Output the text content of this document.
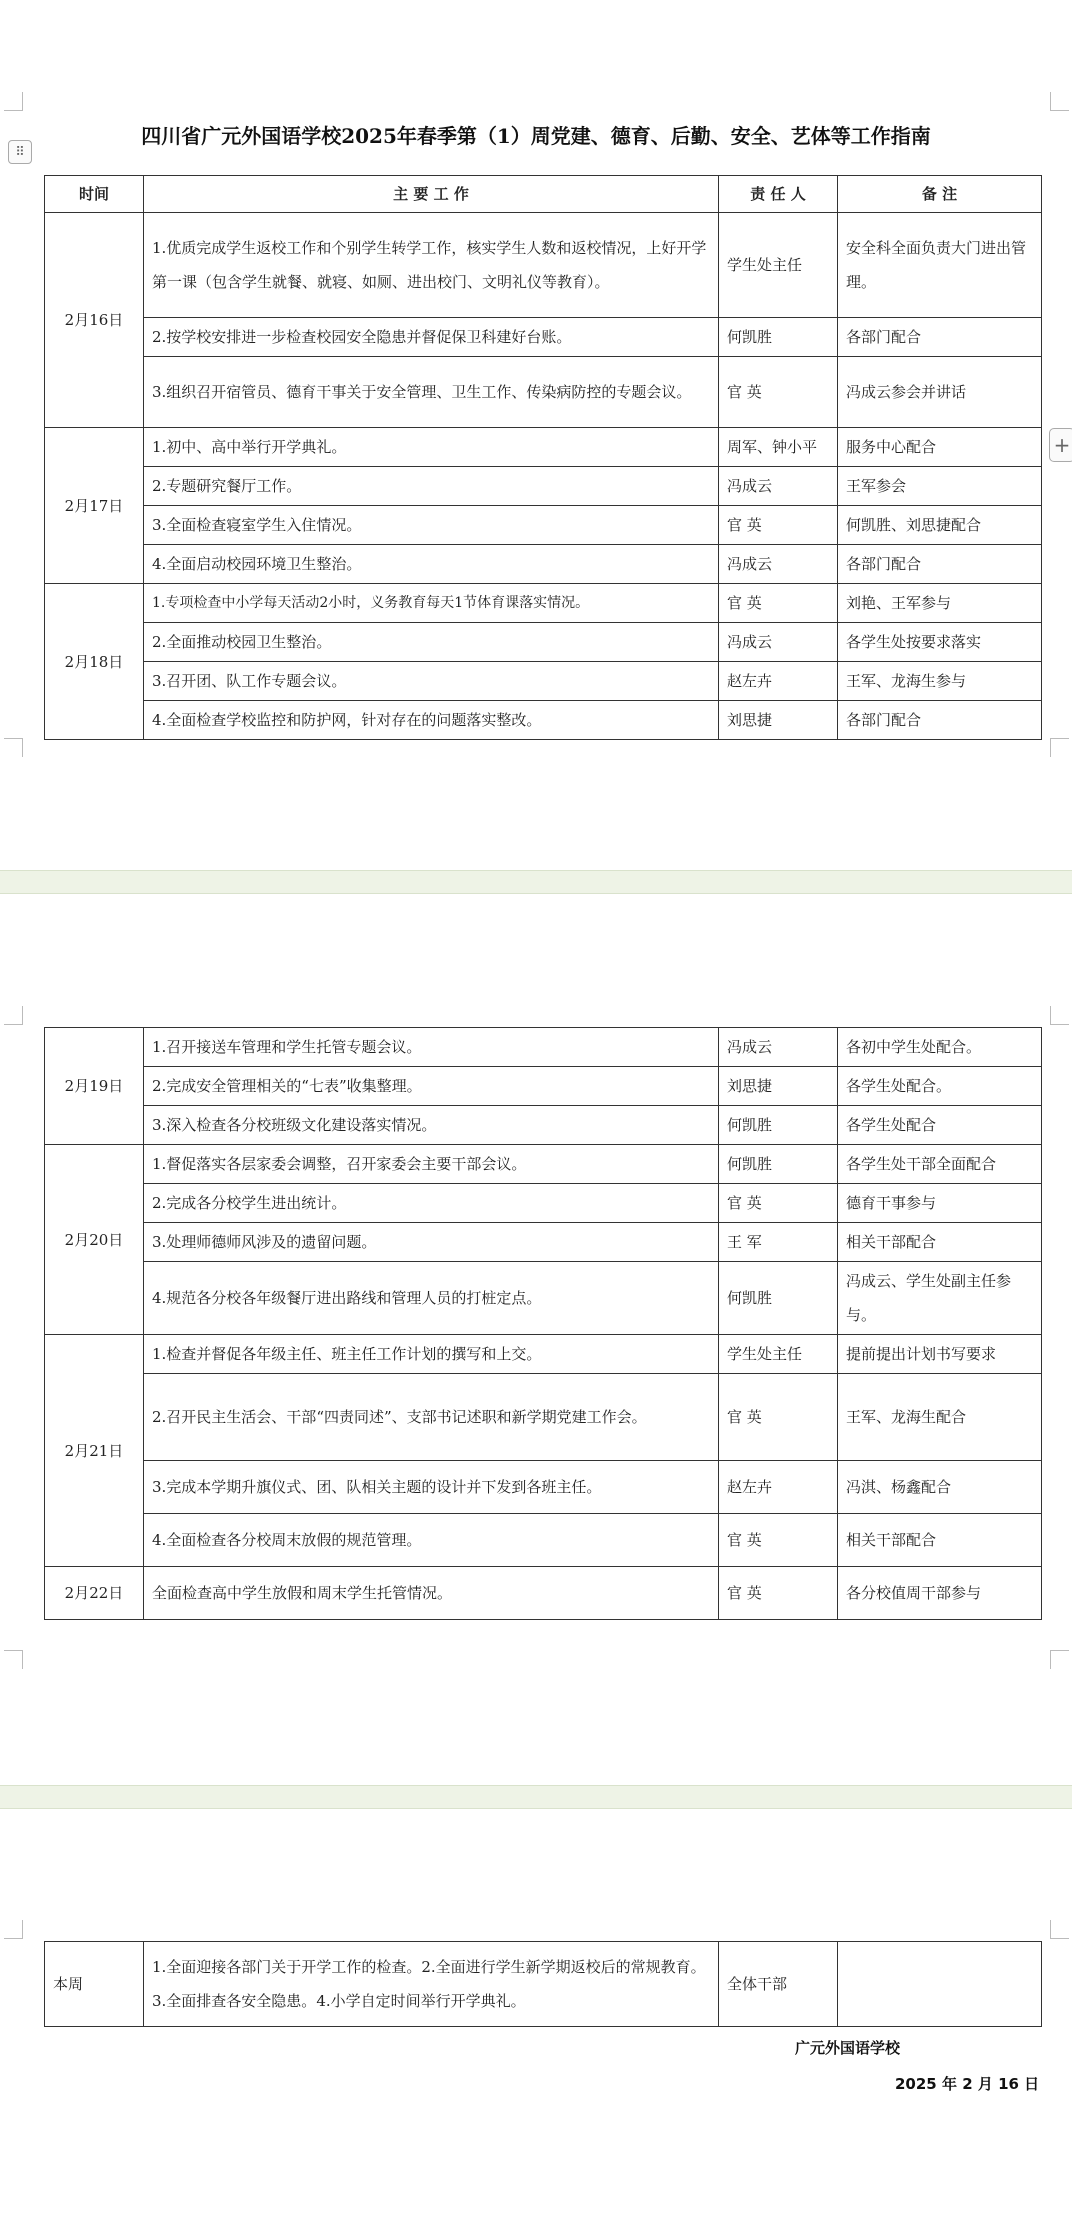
⠿
+
四川省广元外国语学校2025年春季第（1）周党建、德育、后勤、安全、艺体等工作指南
时间	主 要 工 作	责 任 人	备 注
2月16日	1.优质完成学生返校工作和个别学生转学工作，核实学生人数和返校情况，上好开学第一课（包含学生就餐、就寝、如厕、进出校门、文明礼仪等教育）。	学生处主任	安全科全面负责大门进出管理。
	2.按学校安排进一步检查校园安全隐患并督促保卫科建好台账。	何凯胜	各部门配合
	3.组织召开宿管员、德育干事关于安全管理、卫生工作、传染病防控的专题会议。	官 英	冯成云参会并讲话
2月17日	1.初中、高中举行开学典礼。	周军、钟小平	服务中心配合
	2.专题研究餐厅工作。	冯成云	王军参会
	3.全面检查寝室学生入住情况。	官 英	何凯胜、刘思捷配合
	4.全面启动校园环境卫生整治。	冯成云	各部门配合
2月18日	1.专项检查中小学每天活动2小时，义务教育每天1节体育课落实情况。	官 英	刘艳、王军参与
	2.全面推动校园卫生整治。	冯成云	各学生处按要求落实
	3.召开团、队工作专题会议。	赵左卉	王军、龙海生参与
	4.全面检查学校监控和防护网，针对存在的问题落实整改。	刘思捷	各部门配合
2月19日	1.召开接送车管理和学生托管专题会议。	冯成云	各初中学生处配合。
	2.完成安全管理相关的“七表”收集整理。	刘思捷	各学生处配合。
	3.深入检查各分校班级文化建设落实情况。	何凯胜	各学生处配合
2月20日	1.督促落实各层家委会调整，召开家委会主要干部会议。	何凯胜	各学生处干部全面配合
	2.完成各分校学生进出统计。	官 英	德育干事参与
	3.处理师德师风涉及的遗留问题。	王 军	相关干部配合
	4.规范各分校各年级餐厅进出路线和管理人员的打桩定点。	何凯胜	冯成云、学生处副主任参与。
2月21日	1.检查并督促各年级主任、班主任工作计划的撰写和上交。	学生处主任	提前提出计划书写要求
	2.召开民主生活会、干部“四责同述”、支部书记述职和新学期党建工作会。	官 英	王军、龙海生配合
	3.完成本学期升旗仪式、团、队相关主题的设计并下发到各班主任。	赵左卉	冯淇、杨鑫配合
	4.全面检查各分校周末放假的规范管理。	官 英	相关干部配合
2月22日	全面检查高中学生放假和周末学生托管情况。	官 英	各分校值周干部参与
本周	1.全面迎接各部门关于开学工作的检查。2.全面进行学生新学期返校后的常规教育。3.全面排查各安全隐患。4.小学自定时间举行开学典礼。	全体干部	
广元外国语学校
2025 年 2 月 16 日
